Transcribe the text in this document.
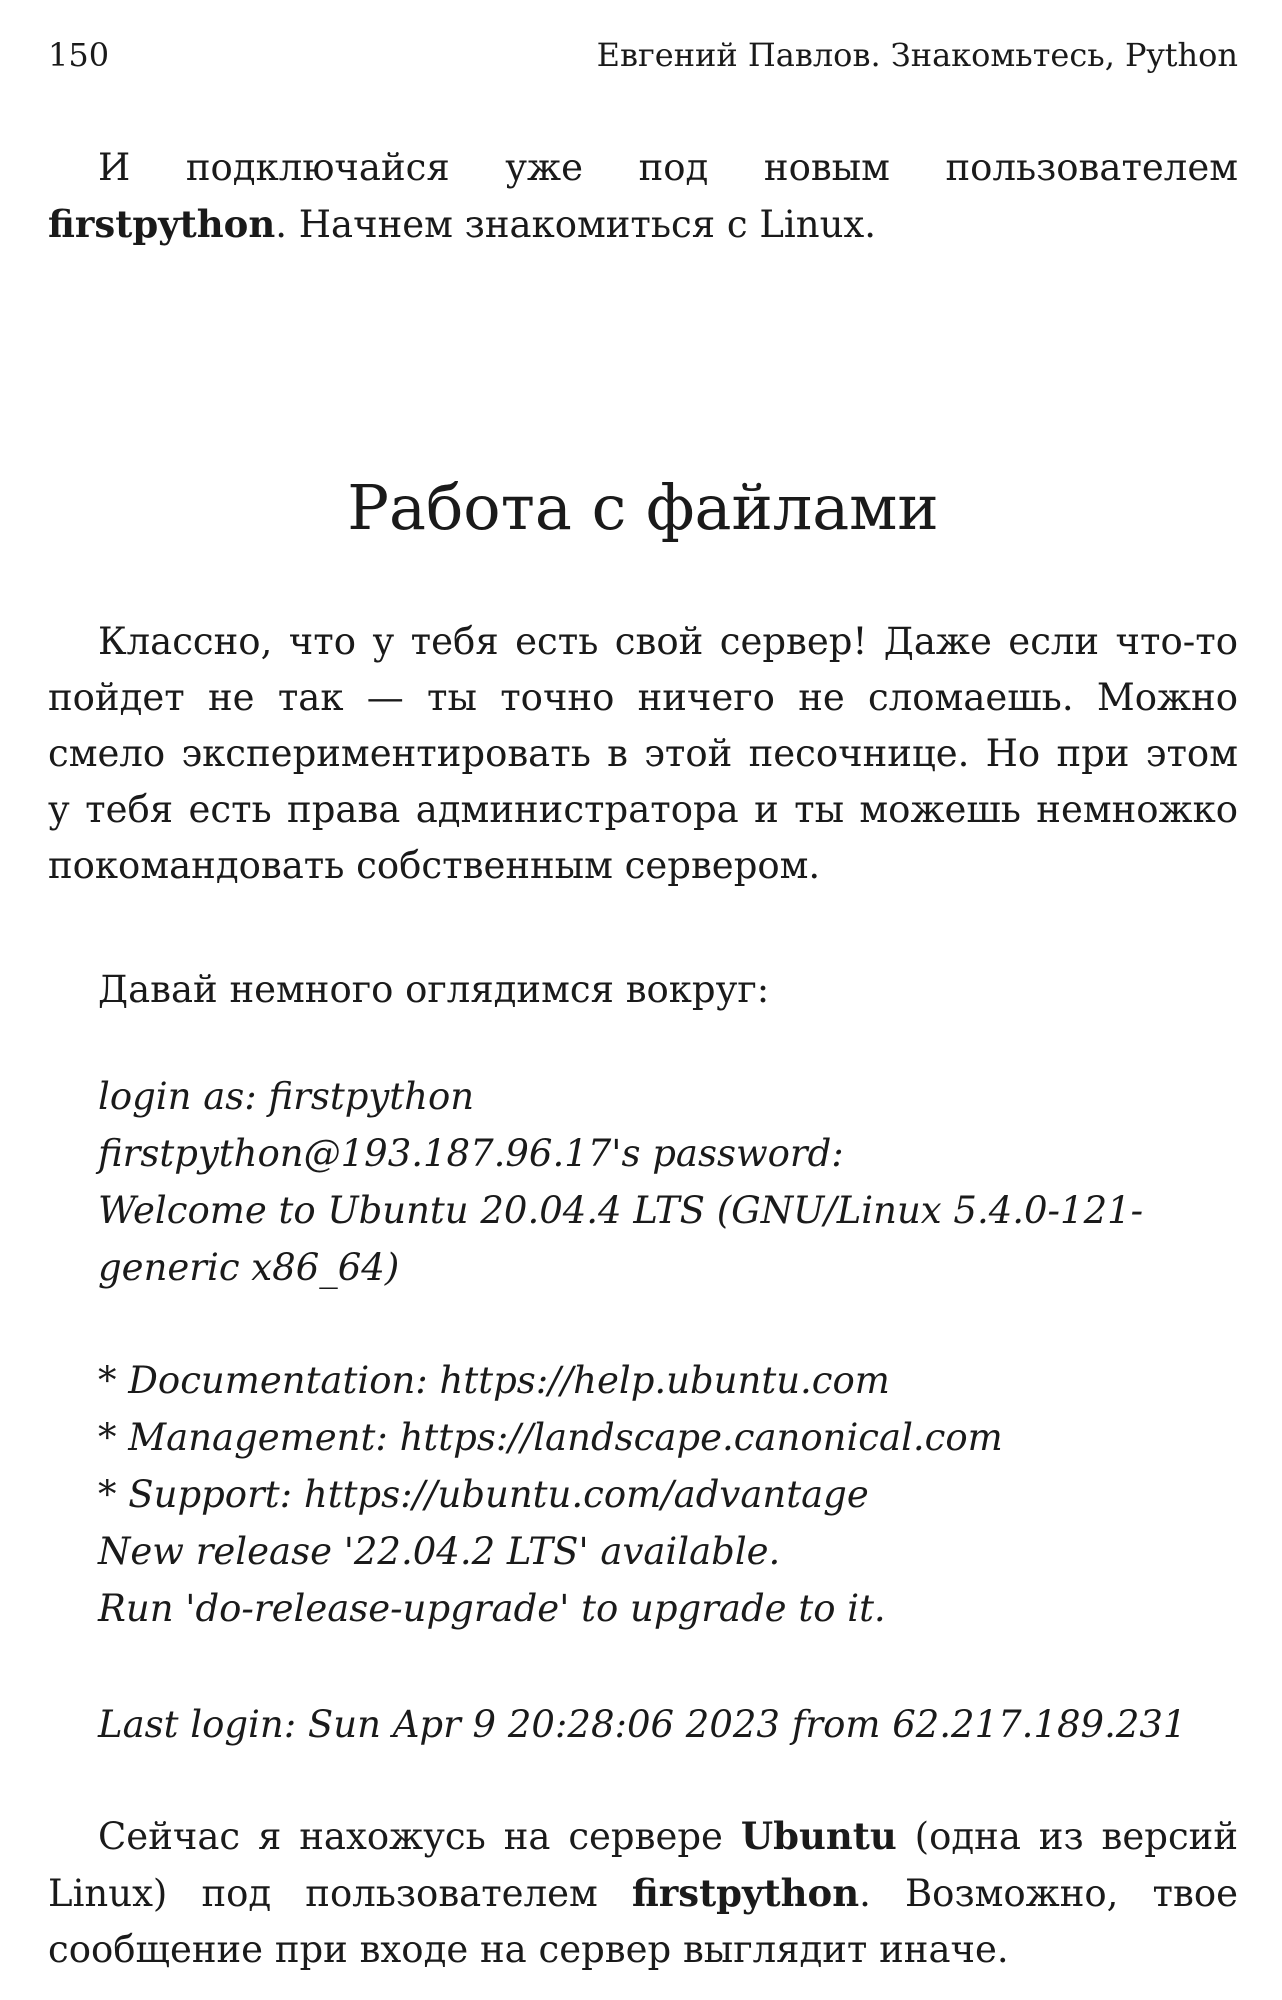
150	Евгений Павлов. Знакомьтесь, Python

И подключайся уже под новым пользователем firstpython. Начнем знакомиться с Linux.

Работа с файлами

Классно, что у тебя есть свой сервер! Даже если что-то пойдет не так — ты точно ничего не сломаешь. Можно смело экспериментировать в этой песочнице. Но при этом у тебя есть права администратора и ты можешь немножко покомандовать собственным сервером.

Давай немного оглядимся вокруг:

login as: firstpython
firstpython@193.187.96.17's password:
Welcome to Ubuntu 20.04.4 LTS (GNU/Linux 5.4.0-121-generic x86_64)
* Documentation: https://help.ubuntu.com
* Management: https://landscape.canonical.com
* Support: https://ubuntu.com/advantage
New release '22.04.2 LTS' available.
Run 'do-release-upgrade' to upgrade to it.
Last login: Sun Apr 9 20:28:06 2023 from 62.217.189.231

Сейчас я нахожусь на сервере Ubuntu (одна из версий Linux) под пользователем firstpython. Возможно, твое сообщение при входе на сервер выглядит иначе.
